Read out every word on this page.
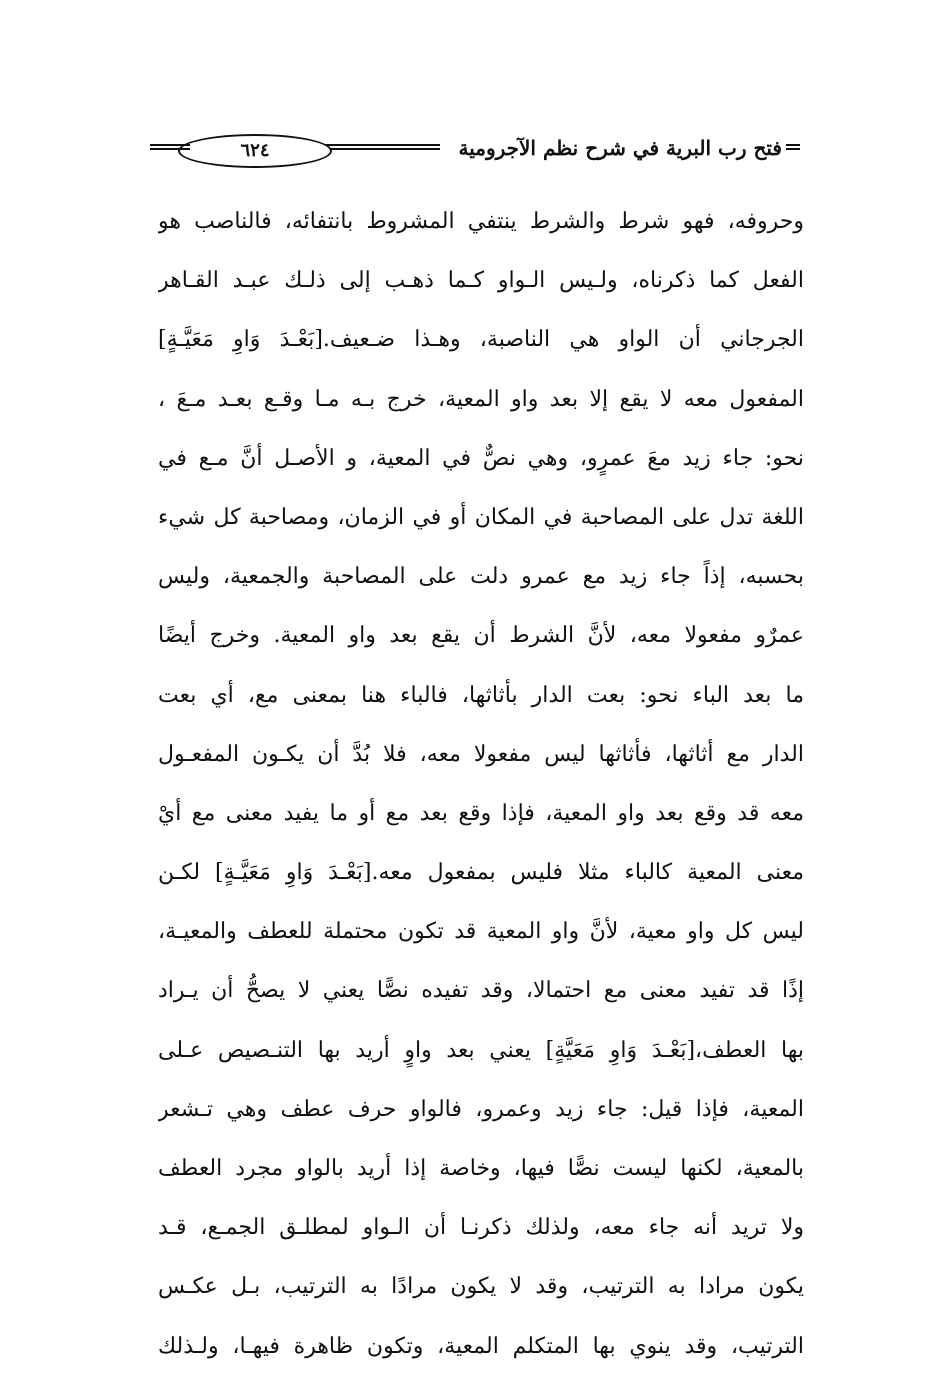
فتح رب البرية في شرح نظم الآجرومية
٦٢٤
وحروفه، فهو شرط والشرط ينتفي المشروط بانتفائه، فالناصب هو
الفعل كما ذكرناه، ولـيس الـواو كـما ذهـب إلى ذلـك عبـد القـاهر
الجرجاني أن الواو هي الناصبة، وهـذا ضـعيف.[بَعْـدَ وَاوِ مَعَيَّـةٍ]
المفعول معه لا يقع إلا بعد واو المعية، خرج بـه مـا وقـع بعـد مـعَ ،
نحو: جاء زيد معَ عمرٍو، وهي نصٌّ في المعية، و الأصـل أنَّ مـع في
اللغة تدل على المصاحبة في المكان أو في الزمان، ومصاحبة كل شيء
بحسبه، إذاً جاء زيد مع عمرو دلت على المصاحبة والجمعية، وليس
عمرٌو مفعولا معه، لأنَّ الشرط أن يقع بعد واو المعية. وخرج أيضًا
ما بعد الباء نحو: بعت الدار بأثاثها، فالباء هنا بمعنى مع، أي بعت
الدار مع أثاثها، فأثاثها ليس مفعولا معه، فلا بُدَّ أن يكـون المفعـول
معه قد وقع بعد واو المعية، فإذا وقع بعد مع أو ما يفيد معنى مع أيْ
معنى المعية كالباء مثلا فليس بمفعول معه.[بَعْـدَ وَاوِ مَعَيَّـةٍ] لكـن
ليس كل واو معية، لأنَّ واو المعية قد تكون محتملة للعطف والمعيـة،
إذًا قد تفيد معنى مع احتمالا، وقد تفيده نصًّا يعني لا يصحُّ أن يـراد
بها العطف،[بَعْـدَ وَاوِ مَعَيَّةٍ] يعني بعد واوٍ أريد بها التنـصيص عـلى
المعية، فإذا قيل: جاء زيد وعمرو، فالواو حرف عطف وهي تـشعر
بالمعية، لكنها ليست نصًّا فيها، وخاصة إذا أريد بالواو مجرد العطف
ولا تريد أنه جاء معه، ولذلك ذكرنـا أن الـواو لمطلـق الجمـع، قـد
يكون مرادا به الترتيب، وقد لا يكون مرادًا به الترتيب، بـل عكـس
الترتيب، وقد ينوي بها المتكلم المعية، وتكون ظاهرة فيهـا، ولـذلك
